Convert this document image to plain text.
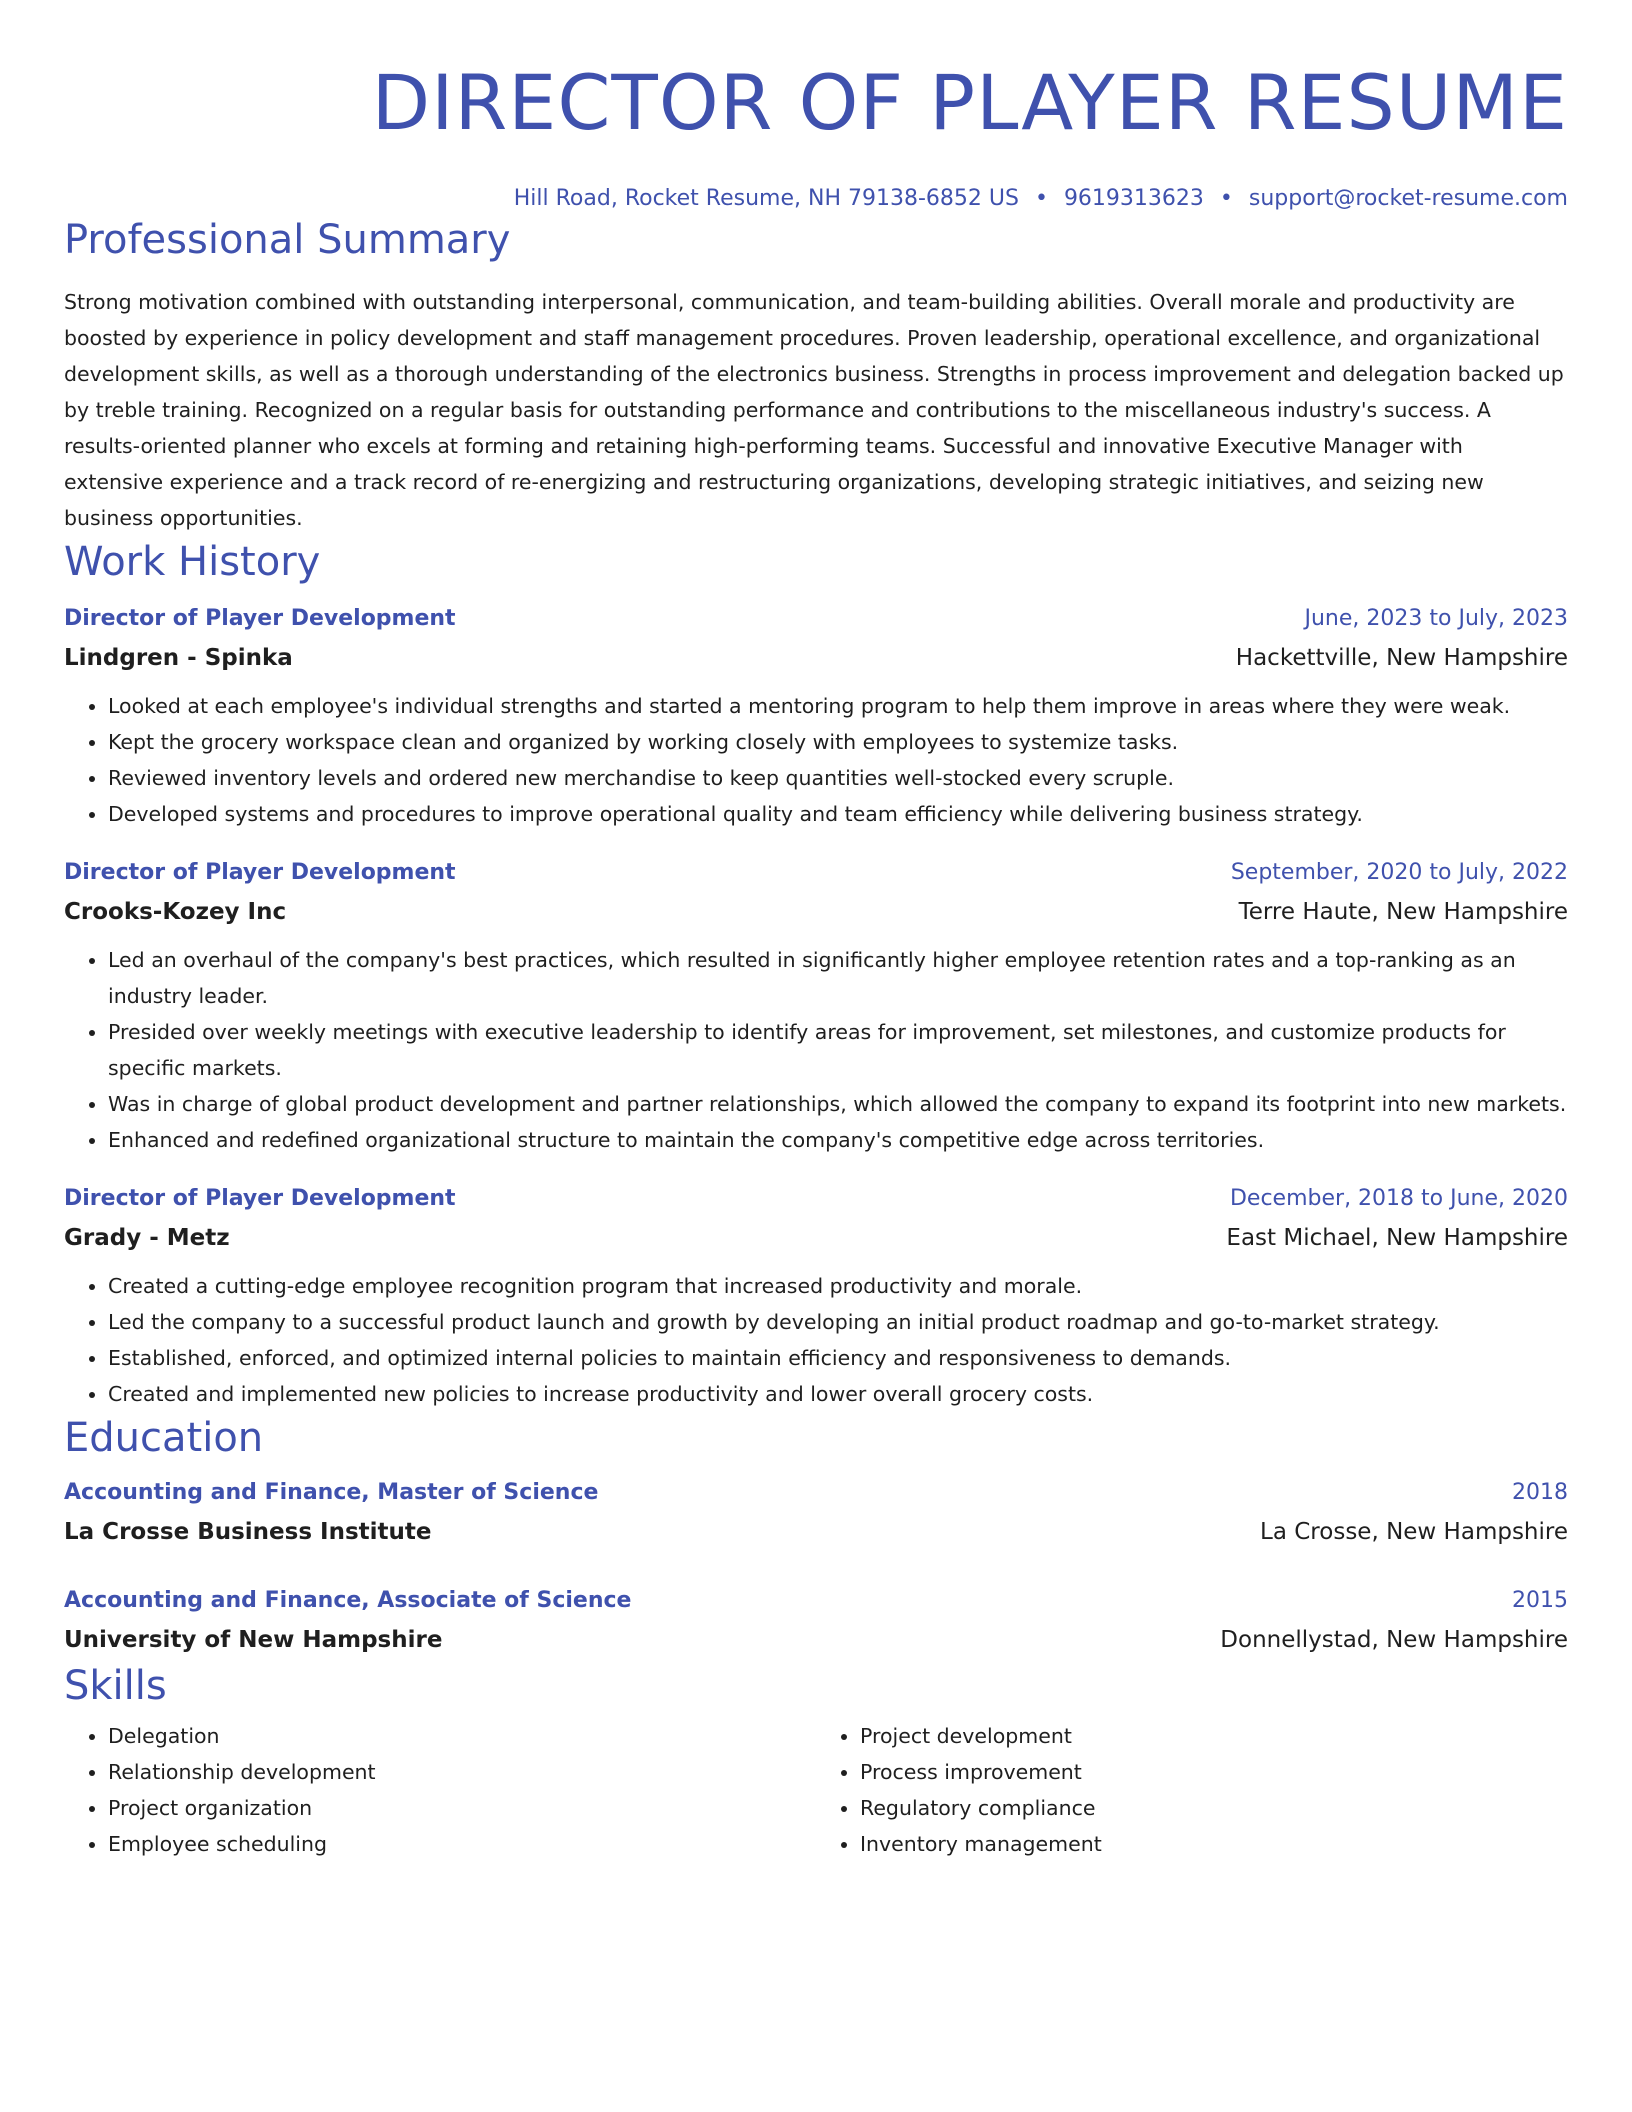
DIRECTOR OF PLAYER RESUME
Hill Road, Rocket Resume, NH 79138-6852 US • 9619313623 • support@rocket-resume.com
Professional Summary
Strong motivation combined with outstanding interpersonal, communication, and team-building abilities. Overall morale and productivity are boosted by experience in policy development and staff management procedures. Proven leadership, operational excellence, and organizational development skills, as well as a thorough understanding of the electronics business. Strengths in process improvement and delegation backed up by treble training. Recognized on a regular basis for outstanding performance and contributions to the miscellaneous industry's success. A results-oriented planner who excels at forming and retaining high-performing teams. Successful and innovative Executive Manager with extensive experience and a track record of re-energizing and restructuring organizations, developing strategic initiatives, and seizing new business opportunities.
Work History
Director of Player Development	June, 2023 to July, 2023
Lindgren - Spinka	Hackettville, New Hampshire
• Looked at each employee's individual strengths and started a mentoring program to help them improve in areas where they were weak.
• Kept the grocery workspace clean and organized by working closely with employees to systemize tasks.
• Reviewed inventory levels and ordered new merchandise to keep quantities well-stocked every scruple.
• Developed systems and procedures to improve operational quality and team efficiency while delivering business strategy.
Director of Player Development	September, 2020 to July, 2022
Crooks-Kozey Inc	Terre Haute, New Hampshire
• Led an overhaul of the company's best practices, which resulted in significantly higher employee retention rates and a top-ranking as an industry leader.
• Presided over weekly meetings with executive leadership to identify areas for improvement, set milestones, and customize products for specific markets.
• Was in charge of global product development and partner relationships, which allowed the company to expand its footprint into new markets.
• Enhanced and redefined organizational structure to maintain the company's competitive edge across territories.
Director of Player Development	December, 2018 to June, 2020
Grady - Metz	East Michael, New Hampshire
• Created a cutting-edge employee recognition program that increased productivity and morale.
• Led the company to a successful product launch and growth by developing an initial product roadmap and go-to-market strategy.
• Established, enforced, and optimized internal policies to maintain efficiency and responsiveness to demands.
• Created and implemented new policies to increase productivity and lower overall grocery costs.
Education
Accounting and Finance, Master of Science	2018
La Crosse Business Institute	La Crosse, New Hampshire
Accounting and Finance, Associate of Science	2015
University of New Hampshire	Donnellystad, New Hampshire
Skills
• Delegation
• Relationship development
• Project organization
• Employee scheduling
• Project development
• Process improvement
• Regulatory compliance
• Inventory management
